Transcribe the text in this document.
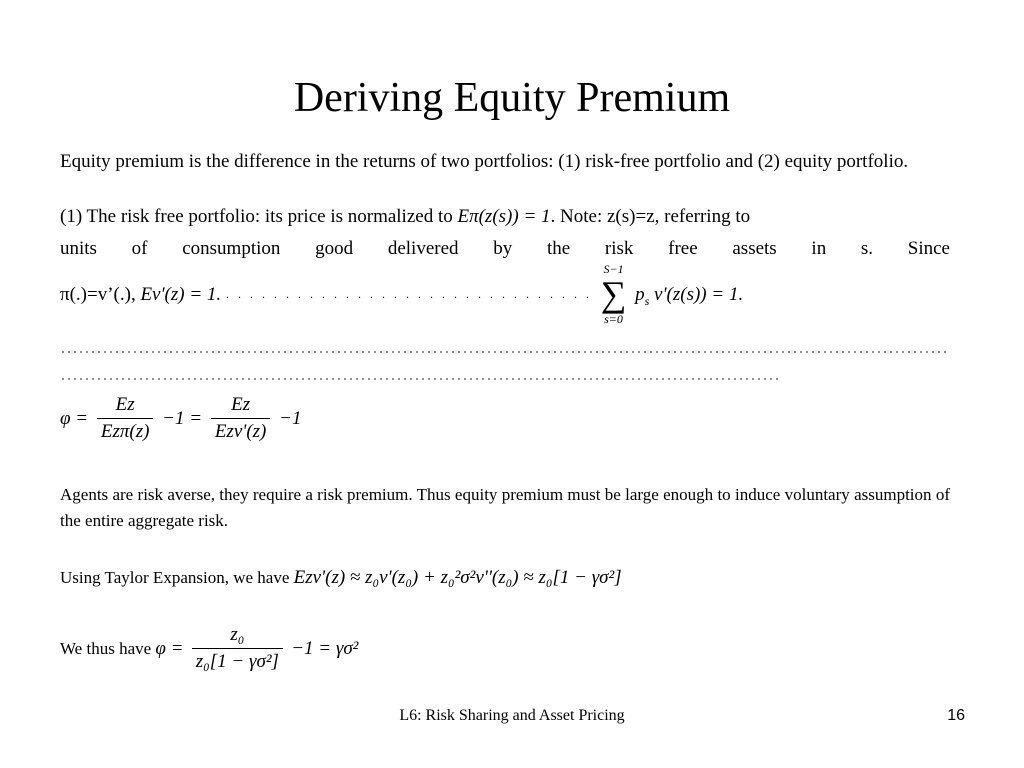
Deriving Equity Premium
Equity premium is the difference in the returns of two portfolios: (1) risk-free portfolio and (2) equity portfolio.
(1) The risk free portfolio: its price is normalized to Eπ(z(s)) = 1. Note: z(s)=z, referring to
units of consumption good delivered by the risk free assets in s. Since
π(.)=v’(.), Ev'(z) = 1. . . . . . . . . . . . . . . . . . . . . . . . . . . . . . . .
S−1
∑
s=0
$p_s$ v'(z(s)) = 1.
$\varphi = \frac{Ez}{\text{Ezπ(z)}} -1 = \frac{Ez}{\text{Ezv'(z)}} -1$
Agents are risk averse, they require a risk premium. Thus equity premium must be large enough to induce voluntary assumption of the entire aggregate risk.
Using Taylor Expansion, we have Ezv'(z) ≈ z₀v'(z₀) + z₀²σ²v''(z₀) ≈ z₀[1 − γσ²]
We thus have $\varphi = \frac{\text{z₀}}{\text{z₀[1 − γσ²]}} -1 = \gamma\sigma^2$
L6: Risk Sharing and Asset Pricing	16
